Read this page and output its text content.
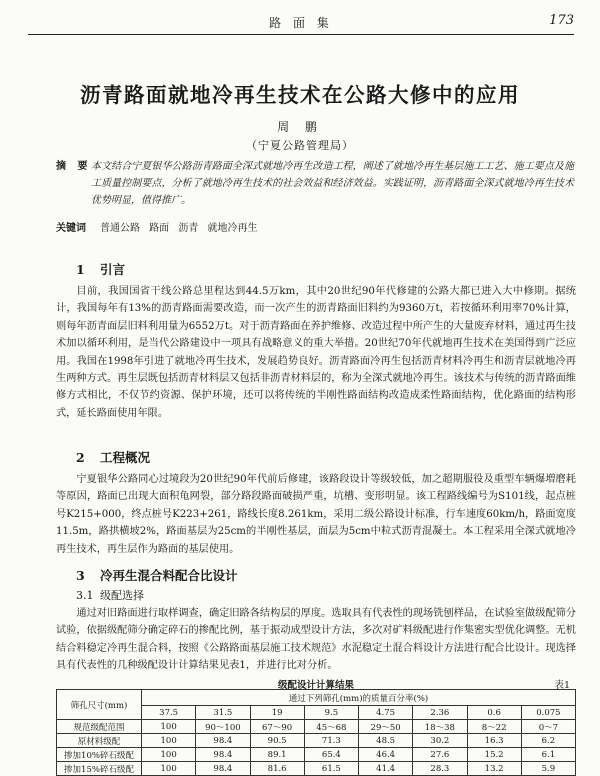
路 面 集	173
沥青路面就地冷再生技术在公路大修中的应用
周 鹏
（宁夏公路管理局）
摘 要 本文结合宁夏银华公路沥青路面全深式就地冷再生改造工程，阐述了就地冷再生基层施工工艺、施工要点及施工质量控制要点，分析了就地冷再生技术的社会效益和经济效益。实践证明，沥青路面全深式就地冷再生技术优势明显，值得推广。
关键词 普通公路 路面 沥青 就地冷再生
1 引言

目前，我国国省干线公路总里程达到44.5万km，其中20世纪90年代修建的公路大都已进入大中修期。据统计，我国每年有13%的沥青路面需要改造，而一次产生的沥青路面旧料约为9360万t，若按循环利用率70%计算，则每年沥青面层旧料利用量为6552万t。对于沥青路面在养护维修、改造过程中所产生的大量废弃材料，通过再生技术加以循环利用，是当代公路建设中一项具有战略意义的重大举措。20世纪70年代就地再生技术在美国得到广泛应用。我国在1998年引进了就地冷再生技术，发展趋势良好。沥青路面冷再生包括沥青材料冷再生和沥青层就地冷再生两种方式。再生层既包括沥青材料层又包括非沥青材料层的，称为全深式就地冷再生。该技术与传统的沥青路面维修方式相比，不仅节约资源、保护环境，还可以将传统的半刚性路面结构改造成柔性路面结构，优化路面的结构形式，延长路面使用年限。

2 工程概况

宁夏银华公路同心过境段为20世纪90年代前后修建，该路段设计等级较低，加之超期服役及重型车辆爆増磨耗等原因，路面已出现大面积龟网裂，部分路段路面破损严重，坑槽、变形明显。该工程路线编号为S101线，起点桩号K215+000，终点桩号K223+261，路线长度8.261km，采用二级公路设计标准，行车速度60km/h，路面宽度11.5m，路拱横坡2%，路面基层为25cm的半刚性基层，面层为5cm中粒式沥青混凝土。本工程采用全深式就地冷再生技术，再生层作为路面的基层使用。

3 冷再生混合料配合比设计
3.1 级配选择

通过对旧路面进行取样调查，确定旧路各结构层的厚度。选取具有代表性的现场铣刨样品，在试验室做级配筛分试验，依据级配筛分确定碎石的掺配比例，基于振动成型设计方法，多次对矿料级配进行作集密实型优化调整。无机结合料稳定冷再生混合料，按照《公路路面基层施工技术规范》水泥稳定土混合料设计方法进行配合比设计。现选择具有代表性的几种级配设计计算结果见表1，并进行比对分析。

级配设计计算结果	表1
筛孔尺寸(mm)	通过下列筛孔(mm)的质量百分率(%)							
	37.5	31.5	19	9.5	4.75	2.36	0.6	0.075
规范级配范围	100	90～100	67～90	45～68	29～50	18～38	8～22	0～7
原材料级配	100	98.4	90.5	71.3	48.5	30.2	16.3	6.2
掺加10%碎石级配	100	98.4	89.1	65.4	46.4	27.6	15.2	6.1
掺加15%碎石级配	100	98.4	81.6	61.5	41.4	28.3	13.2	5.9
